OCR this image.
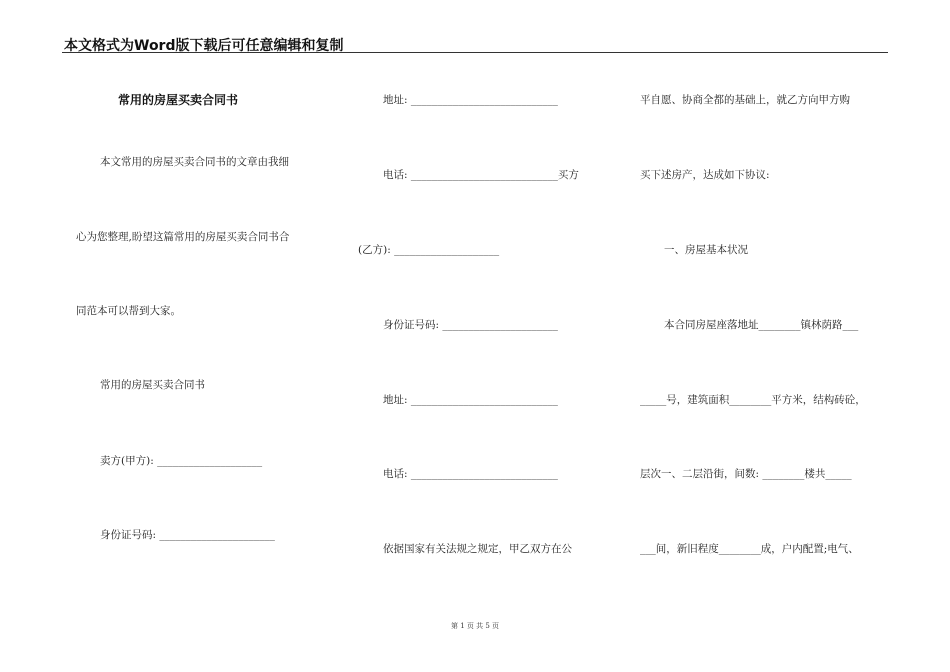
本文格式为Word版下载后可任意编辑和复制
常用的房屋买卖合同书
本文常用的房屋买卖合同书的文章由我细
心为您整理,盼望这篇常用的房屋买卖合同书合
同范本可以帮到大家。
常用的房屋买卖合同书
卖方(甲方): ____________________
身份证号码: ______________________
地址: ____________________________
电话: ____________________________买方
(乙方): ____________________
身份证号码: ______________________
地址: ____________________________
电话: ____________________________
依据国家有关法规之规定，甲乙双方在公
平自愿、协商全都的基础上，就乙方向甲方购
买下述房产，达成如下协议:
一、房屋基本状况
本合同房屋座落地址________镇林荫路___
_____号，建筑面积________平方米，结构砖砼，
层次一、二层沿街，间数: ________楼共_____
___间，新旧程度________成，户内配置;电气、
第 1 页 共 5 页
